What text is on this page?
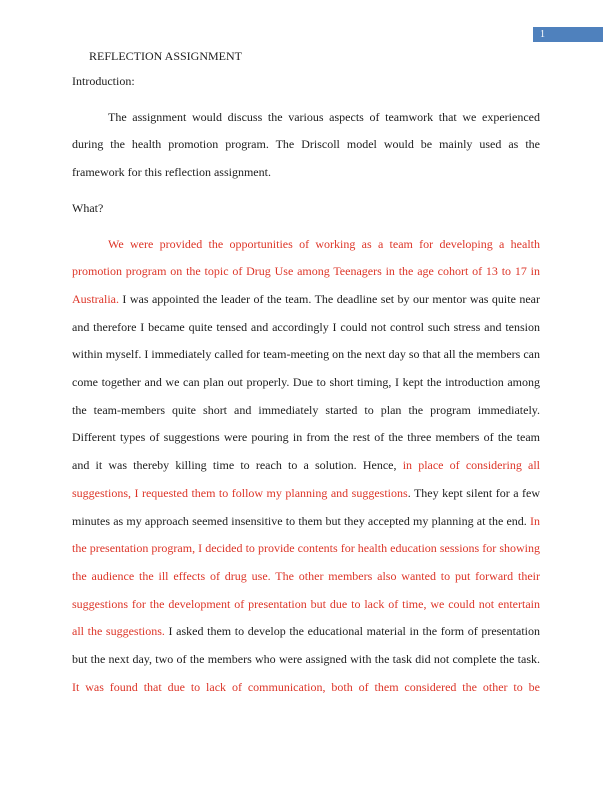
1
REFLECTION ASSIGNMENT
Introduction:
The assignment would discuss the various aspects of teamwork that we experienced during the health promotion program. The Driscoll model would be mainly used as the framework for this reflection assignment.
What?
We were provided the opportunities of working as a team for developing a health promotion program on the topic of Drug Use among Teenagers in the age cohort of 13 to 17 in Australia. I was appointed the leader of the team. The deadline set by our mentor was quite near and therefore I became quite tensed and accordingly I could not control such stress and tension within myself. I immediately called for team-meeting on the next day so that all the members can come together and we can plan out properly. Due to short timing, I kept the introduction among the team-members quite short and immediately started to plan the program immediately. Different types of suggestions were pouring in from the rest of the three members of the team and it was thereby killing time to reach to a solution. Hence, in place of considering all suggestions, I requested them to follow my planning and suggestions. They kept silent for a few minutes as my approach seemed insensitive to them but they accepted my planning at the end. In the presentation program, I decided to provide contents for health education sessions for showing the audience the ill effects of drug use. The other members also wanted to put forward their suggestions for the development of presentation but due to lack of time, we could not entertain all the suggestions. I asked them to develop the educational material in the form of presentation but the next day, two of the members who were assigned with the task did not complete the task. It was found that due to lack of communication, both of them considered the other to be
